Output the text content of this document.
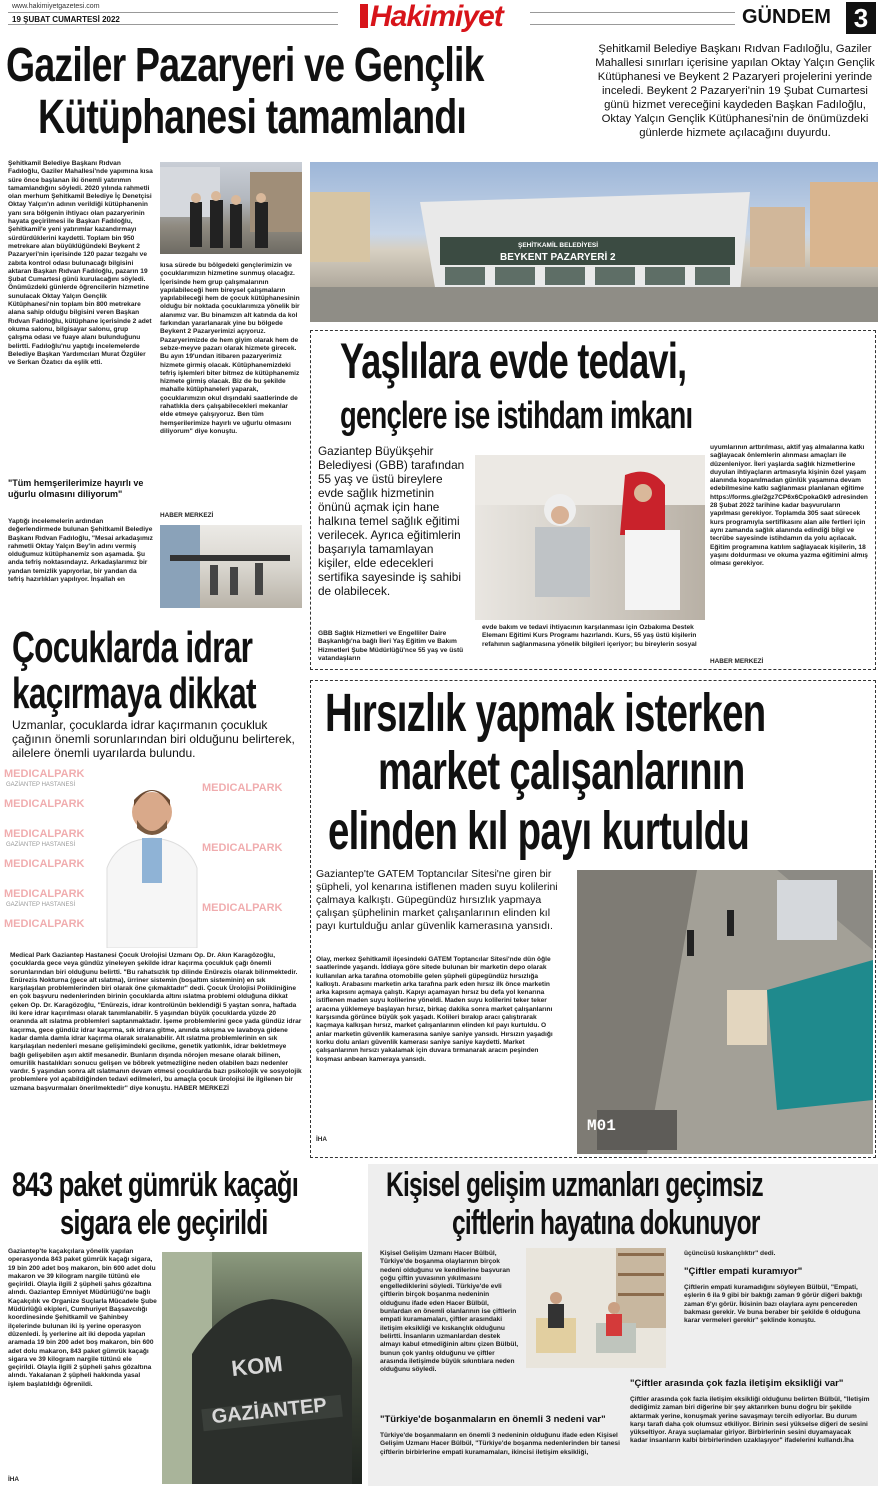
www.hakimiyetgazetesi.com
19 ŞUBAT CUMARTESİ 2022	Hakimiyet	GÜNDEM 3
Gaziler Pazaryeri ve Gençlik
Kütüphanesi tamamlandı
Şehitkamil Belediye Başkanı Rıdvan Fadıloğlu, Gaziler Mahallesi sınırları içerisine yapılan Oktay Yalçın Gençlik Kütüphanesi ve Beykent 2 Pazaryeri projelerini yerinde inceledi. Beykent 2 Pazaryeri'nin 19 Şubat Cumartesi günü hizmet vereceğini kaydeden Başkan Fadıloğlu, Oktay Yalçın Gençlik Kütüphanesi'nin de önümüzdeki günlerde hizmete açılacağını duyurdu.
Şehitkamil Belediye Başkanı Rıdvan Fadıloğlu, Gaziler Mahallesi'nde yapımına kısa süre önce başlanan iki önemli yatırımın tamamlandığını söyledi. 2020 yılında rahmetli olan merhum Şehitkamil Belediye İç Denetçisi Oktay Yalçın'ın adının verildiği kütüphanenin yanı sıra bölgenin ihtiyacı olan pazaryerinin hayata geçirilmesi ile Başkan Fadıloğlu, Şehitkamil'e yeni yatırımlar kazandırmayı sürdürdüklerini kaydetti. Toplam bin 950 metrekare alan büyüklüğündeki Beykent 2 Pazaryeri'nin içerisinde 120 pazar tezgahı ve zabıta kontrol odası bulunacağı bilgisini aktaran Başkan Rıdvan Fadıloğlu, pazarın 19 Şubat Cumartesi günü kurulacağını söyledi. Önümüzdeki günlerde öğrencilerin hizmetine sunulacak Oktay Yalçın Gençlik Kütüphanesi'nin toplam bin 800 metrekare alana sahip olduğu bilgisini veren Başkan Rıdvan Fadıloğlu, kütüphane içerisinde 2 adet okuma salonu, bilgisayar salonu, grup çalışma odası ve fuaye alanı bulunduğunu belirtti. Fadıloğlu'nu yaptığı incelemelerde Belediye Başkan Yardımcıları Murat Özgüler ve Serkan Özatıcı da eşlik etti.
"Tüm hemşerilerimize hayırlı ve uğurlu olmasını diliyorum"
Yaptığı incelemelerin ardından değerlendirmede bulunan Şehitkamil Belediye Başkanı Rıdvan Fadıloğlu, "Mesai arkadaşımız rahmetli Oktay Yalçın Bey'in adını vermiş olduğumuz kütüphanemiz son aşamada. Şu anda tefriş noktasındayız. Arkadaşlarımız bir yandan temizlik yapıyorlar, bir yandan da tefriş hazırlıkları yapılıyor. İnşallah en
kısa sürede bu bölgedeki gençlerimizin ve çocuklarımızın hizmetine sunmuş olacağız. İçerisinde hem grup çalışmalarının yapılabileceği hem bireysel çalışmaların yapılabileceği hem de çocuk kütüphanesinin olduğu bir noktada çocuklarımıza yönelik bir alanımız var. Bu binamızın alt katında da kol farkından yararlanarak yine bu bölgede Beykent 2 Pazaryerimizi açıyoruz. Pazaryerimizde de hem giyim olarak hem de sebze-meyve pazarı olarak hizmete girecek. Bu ayın 19'undan itibaren pazaryerimiz hizmete girmiş olacak. Kütüphanemizdeki tefriş işlemleri biter bitmez de kütüphanemiz hizmete girmiş olacak. Biz de bu şekilde mahalle kütüphaneleri yaparak, çocuklarımızın okul dışındaki saatlerinde de rahatlıkla ders çalışabilecekleri mekanlar elde etmeye çalışıyoruz. Ben tüm hemşerilerimize hayırlı ve uğurlu olmasını diliyorum" diye konuştu.
HABER MERKEZİ
ŞEHİTKAMİL BELEDİYESİ
BEYKENT PAZARYERİ 2
Yaşlılara evde tedavi,
gençlere ise istihdam imkanı
Gaziantep Büyükşehir Belediyesi (GBB) tarafından 55 yaş ve üstü bireylere evde sağlık hizmetinin önünü açmak için hane halkına temel sağlık eğitimi verilecek. Ayrıca eğitimlerin başarıyla tamamlayan kişiler, elde edecekleri sertifika sayesinde iş sahibi de olabilecek.
GBB Sağlık Hizmetleri ve Engelliler Daire Başkanlığı'na bağlı İleri Yaş Eğitim ve Bakım Hizmetleri Şube Müdürlüğü'nce 55 yaş ve üstü vatandaşların
evde bakım ve tedavi ihtiyacının karşılanması için Özbakıma Destek Elemanı Eğitimi Kurs Programı hazırlandı. Kurs, 55 yaş üstü kişilerin refahının sağlanmasına yönelik bilgileri içeriyor; bu bireylerin sosyal
uyumlarının arttırılması, aktif yaş almalarına katkı sağlayacak önlemlerin alınması amaçları ile düzenleniyor. İleri yaşlarda sağlık hizmetlerine duyulan ihtiyaçların artmasıyla kişinin özel yaşam alanında kopanılmadan günlük yaşamına devam edebilmesine katkı sağlanması planlanan eğitime https://forms.gle/2gz7CP6x6CpokaGk9 adresinden 28 Şubat 2022 tarihine kadar başvuruların yapılması gerekiyor. Toplamda 305 saat sürecek kurs programıyla sertifikasını alan aile fertleri için aynı zamanda sağlık alanında edindiği bilgi ve tecrübe sayesinde istihdamın da yolu açılacak. Eğitim programına katılım sağlayacak kişilerin, 18 yaşını doldurması ve okuma yazma eğitimini almış olması gerekiyor.
HABER MERKEZİ
Çocuklarda idrar
kaçırmaya dikkat
Uzmanlar, çocuklarda idrar kaçırmanın çocukluk çağının önemli sorunlarından biri olduğunu belirterek, ailelere önemli uyarılarda bulundu.
MEDICALPARK
MEDICALPARK
MEDICALPARK
MEDICALPARK
MEDICALPARK
MEDICALPARK
GAZİANTEP HASTANESİ
GAZİANTEP HASTANESİ
GAZİANTEP HASTANESİ
MEDICALPARK
MEDICALPARK
MEDICALPARK
Medical Park Gaziantep Hastanesi Çocuk Ürolojisi Uzmanı Op. Dr. Akın Karagözoğlu, çocuklarda gece veya gündüz yineleyen şekilde idrar kaçırma çocukluk çağı önemli sorunlarından biri olduğunu belirtti. "Bu rahatsızlık tıp dilinde Enürezis olarak bilinmektedir. Enürezis Nokturna (gece alt ıslatma), ürriner sistemin (boşaltım sisteminin) en sık karşılaşılan problemlerinden biri olarak öne çıkmaktadır" dedi. Çocuk Ürolojisi Polikliniğine en çok başvuru nedenlerinden birinin çocuklarda altını ıslatma problemi olduğuna dikkat çeken Op. Dr. Karagözoğlu, "Enürezis, idrar kontrolünün beklendiği 5 yaştan sonra, haftada iki kere idrar kaçırılması olarak tanımlanabilir. 5 yaşından büyük çocuklarda yüzde 20 oranında alt ıslatma problemleri saptanmaktadır. İşeme problemlerini gece yada gündüz idrar kaçırma, gece gündüz idrar kaçırma, sık idrara gitme, anında sıkışma ve lavaboya gidene kadar damla damla idrar kaçırma olarak sıralanabilir. Alt ıslatma problemlerinin en sık karşılaşılan nedenleri mesane gelişimindeki gecikme, genetik yatkınlık, idrar bekletmeye bağlı gelişebilen aşırı aktif mesanedir. Bunların dışında nörojen mesane olarak bilinen, omurilik hastalıkları sonucu gelişen ve böbrek yetmezliğine neden olabilen bazı nedenler vardır. 5 yaşından sonra alt ıslatmanın devam etmesi çocuklarda bazı psikolojik ve sosyolojik problemlere yol açabildiğinden tedavi edilmeleri, bu amaçla çocuk ürolojisi ile ilgilenen bir uzmana başvurmaları önerilmektedir" diye konuştu. HABER MERKEZİ
Hırsızlık yapmak isterken
market çalışanlarının
elinden kıl payı kurtuldu
Gaziantep'te GATEM Toptancılar Sitesi'ne giren bir şüpheli, yol kenarına istiflenen maden suyu kolilerini çalmaya kalkıştı. Güpegündüz hırsızlık yapmaya çalışan şüphelinin market çalışanlarının elinden kıl payı kurtulduğu anlar güvenlik kamerasına yansıdı.
Olay, merkez Şehitkamil ilçesindeki GATEM Toptancılar Sitesi'nde dün öğle saatlerinde yaşandı. İddiaya göre sitede bulunan bir marketin depo olarak kullanılan arka tarafına otomobille gelen şüpheli güpegündüz hırsızlığa kalkıştı. Arabasını marketin arka tarafına park eden hırsız ilk önce marketin arka kapısını açmaya çalıştı. Kapıyı açamayan hırsız bu defa yol kenarına istiflenen maden suyu kolilerine yöneldi. Maden suyu kolilerini teker teker aracına yüklemeye başlayan hırsız, birkaç dakika sonra market çalışanlarını karşısında görünce büyük şok yaşadı. Kolileri bırakıp aracı çalıştırarak kaçmaya kalkışan hırsız, market çalışanlarının elinden kıl payı kurtuldu. O anlar marketin güvenlik kamerasına saniye saniye yansıdı. Hırsızın yaşadığı korku dolu anları güvenlik kamerası saniye saniye kaydetti. Market çalışanlarının hırsızı yakalamak için duvara tırmanarak aracın peşinden koşması anbean kameraya yansıdı.
İHA
M01
843 paket gümrük kaçağı
sigara ele geçirildi
Gaziantep'te kaçakçılara yönelik yapılan operasyonda 843 paket gümrük kaçağı sigara, 19 bin 200 adet boş makaron, bin 600 adet dolu makaron ve 39 kilogram nargile tütünü ele geçirildi. Olayla ilgili 2 şüpheli şahıs gözaltına alındı. Gaziantep Emniyet Müdürlüğü'ne bağlı Kaçakçılık ve Organize Suçlarla Mücadele Şube Müdürlüğü ekipleri, Cumhuriyet Başsavcılığı koordinesinde Şehitkamil ve Şahinbey ilçelerinde bulunan iki iş yerine operasyon düzenledi. İş yerlerine ait iki depoda yapılan aramada 19 bin 200 adet boş makaron, bin 600 adet dolu makaron, 843 paket gümrük kaçağı sigara ve 39 kilogram nargile tütünü ele geçirildi. Olayla ilgili 2 şüpheli şahıs gözaltına alındı. Yakalanan 2 şüpheli hakkında yasal işlem başlatıldığı öğrenildi.
İHA
KOM
GAZİANTEP
Kişisel gelişim uzmanları geçimsiz
çiftlerin hayatına dokunuyor
Kişisel Gelişim Uzmanı Hacer Bülbül, Türkiye'de boşanma olaylarının birçok nedeni olduğunu ve kendilerine başvuran çoğu çiftin yuvasının yıkılmasını engellediklerini söyledi. Türkiye'de evli çiftlerin birçok boşanma nedeninin olduğunu ifade eden Hacer Bülbül, bunlardan en önemli olanlarının ise çiftlerin empati kuramamaları, çiftler arasındaki iletişim eksikliği ve kıskançlık olduğunu belirtti. İnsanların uzmanlardan destek almayı kabul etmediğinin altını çizen Bülbül, bunun çok yanlış olduğunu ve çiftler arasında iletişimde büyük sıkıntılara neden olduğunu söyledi.
"Türkiye'de boşanmaların en önemli 3 nedeni var"
Türkiye'de boşanmaların en önemli 3 nedeninin olduğunu ifade eden Kişisel Gelişim Uzmanı Hacer Bülbül, "Türkiye'de boşanma nedenlerinden bir tanesi çiftlerin birbirlerine empati kuramamaları, ikincisi iletişim eksikliği,
üçüncüsü kıskançlıktır" dedi.
"Çiftler empati kuramıyor"
Çiftlerin empati kuramadığını söyleyen Bülbül, "Empati, eşlerin 6 ila 9 gibi bir baktığı zaman 9 görür diğeri baktığı zaman 6'yı görür. İkisinin bazı olaylara aynı pencereden bakması gerekir. Ve buna beraber bir şekilde 6 olduğuna karar vermeleri gerekir" şeklinde konuştu.
"Çiftler arasında çok fazla iletişim eksikliği var"
Çiftler arasında çok fazla iletişim eksikliği olduğunu belirten Bülbül, "İletişim dediğimiz zaman biri diğerine bir şey aktarırken bunu doğru bir şekilde aktarmak yerine, konuşmak yerine savaşmayı tercih ediyorlar. Bu durum karşı tarafı daha çok olumsuz etkiliyor. Birinin sesi yükselse diğeri de sesini yükseltiyor. Araya suçlamalar giriyor. Birbirlerinin sesini duyamayacak kadar insanların kalbi birbirlerinden uzaklaşıyor" ifadelerini kullandı.İha
